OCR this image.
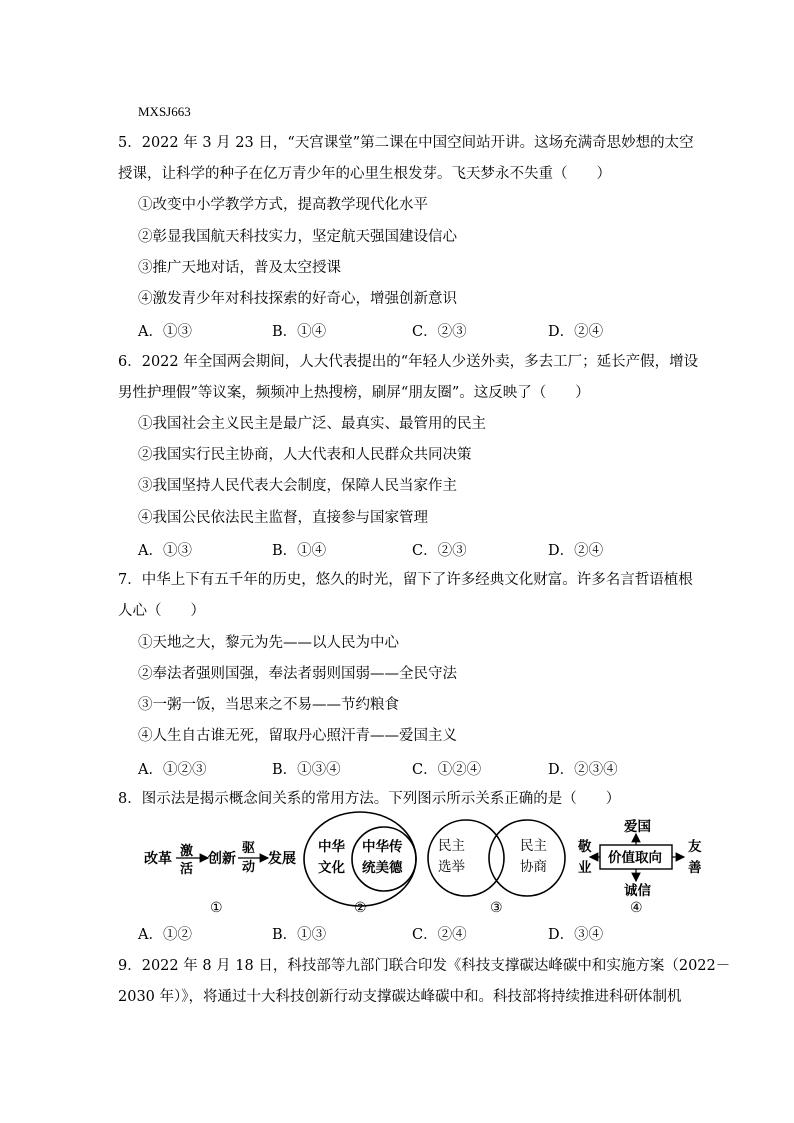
MXSJ663
5．2022 年 3 月 23 日，“天宫课堂”第二课在中国空间站开讲。这场充满奇思妙想的太空
授课，让科学的种子在亿万青少年的心里生根发芽。飞天梦永不失重（　　）
①改变中小学教学方式，提高教学现代化水平
②彰显我国航天科技实力，坚定航天强国建设信心
③推广天地对话，普及太空授课
④激发青少年对科技探索的好奇心，增强创新意识
A．①③	B．①④	C．②③	D．②④
6．2022 年全国两会期间，人大代表提出的“年轻人少送外卖，多去工厂；延长产假，增设
男性护理假”等议案，频频冲上热搜榜，刷屏“朋友圈”。这反映了（　　）
①我国社会主义民主是最广泛、最真实、最管用的民主
②我国实行民主协商，人大代表和人民群众共同决策
③我国坚持人民代表大会制度，保障人民当家作主
④我国公民依法民主监督，直接参与国家管理
A．①③	B．①④	C．②③	D．②④
7．中华上下有五千年的历史，悠久的时光，留下了许多经典文化财富。许多名言哲语植根
人心（　　）
①天地之大，黎元为先——以人民为中心
②奉法者强则国强，奉法者弱则国弱——全民守法
③一粥一饭，当思来之不易——节约粮食
④人生自古谁无死，留取丹心照汗青——爱国主义
A．①②③	B．①③④	C．①②④	D．②③④
8．图示法是揭示概念间关系的常用方法。下列图示所示关系正确的是（　　）
改革 激
活
创新
驱
动
发展
①
中华
文化
中华传
统美德
②
民主
选举
民主
协商
③
价值取向
爱国
诚信
敬
业
友
善
④
A．①②	B．①③	C．②④	D．③④
9．2022 年 8 月 18 日，科技部等九部门联合印发《科技支撑碳达峰碳中和实施方案（2022－
2030 年）》，将通过十大科技创新行动支撑碳达峰碳中和。科技部将持续推进科研体制机
